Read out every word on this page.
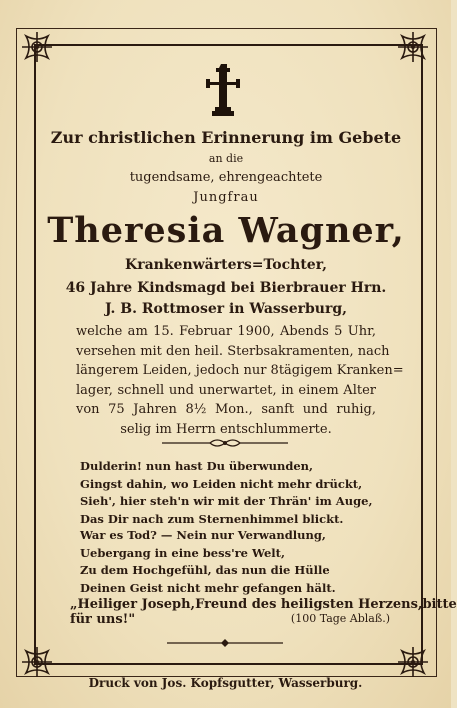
Zur christlichen Erinnerung im Gebete
an die
tugendsame, ehrengeachtete
Jungfrau
Theresia Wagner,
Krankenwärters=Tochter,
46 Jahre Kindsmagd bei Bierbrauer Hrn.
J. B. Rottmoser in Wasserburg,
welche am 15. Februar 1900, Abends 5 Uhr,
versehen mit den heil. Sterbsakramenten, nach
längerem Leiden, jedoch nur 8tägigem Kranken=
lager, schnell und unerwartet, in einem Alter
von 75 Jahren 8½ Mon., sanft und ruhig,
selig im Herrn entschlummerte.
Dulderin! nun hast Du überwunden,
Gingst dahin, wo Leiden nicht mehr drückt,
Sieh', hier steh'n wir mit der Thrän' im Auge,
Das Dir nach zum Sternenhimmel blickt.
War es Tod? — Nein nur Verwandlung,
Uebergang in eine bess're Welt,
Zu dem Hochgefühl, das nun die Hülle
Deinen Geist nicht mehr gefangen hält.
„Heiliger Joseph, Freund des heiligsten Herzens, bitte
für uns!"	(100 Tage Ablaß.)
Druck von Jos. Kopfsgutter, Wasserburg.
